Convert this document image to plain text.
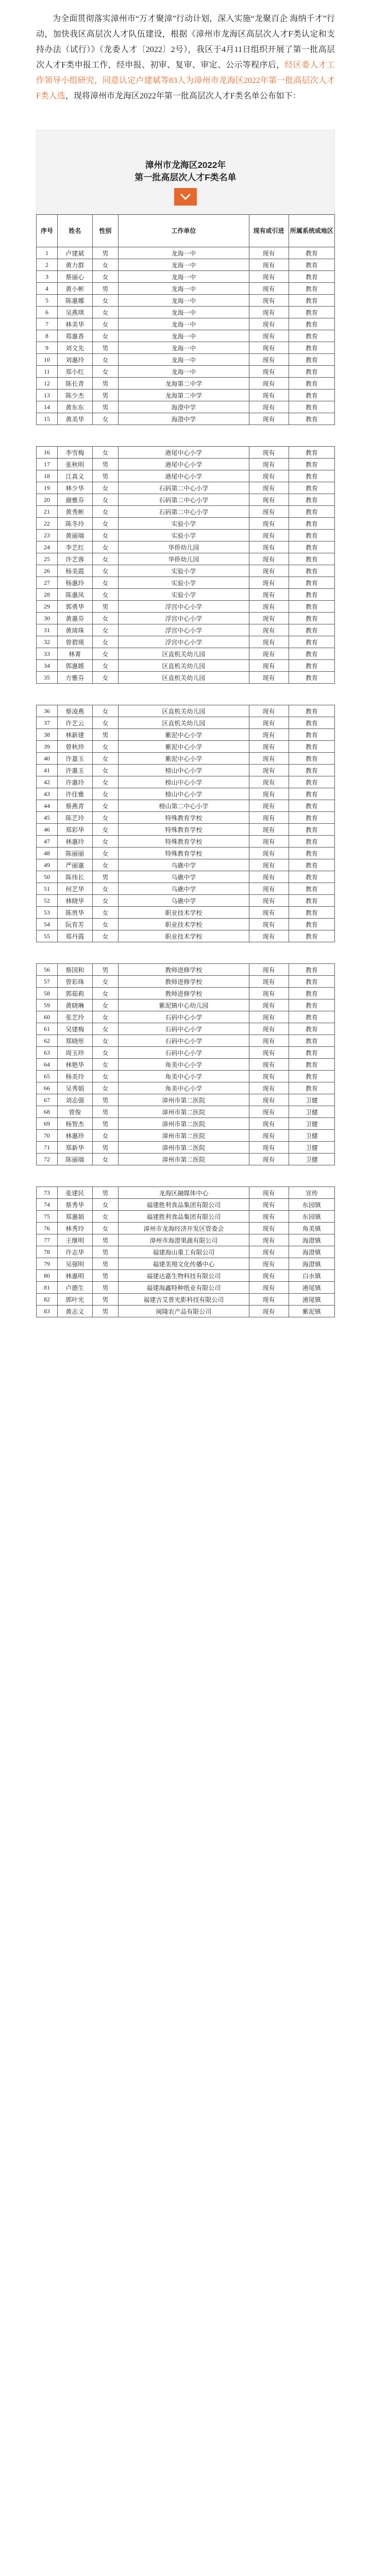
为全面贯彻落实漳州市“万才聚漳”行动计划，深入实施“龙聚百企 海纳千才”行动，加快我区高层次人才队伍建设，根据《漳州市龙海区高层次人才F类认定和支持办法（试行）》（龙委人才〔2022〕2号），我区于4月11日组织开展了第一批高层次人才F类申报工作，经申报、初审、复审、审定、公示等程序后，经区委人才工作领导小组研究，同意认定卢建斌等83人为漳州市龙海区2022年第一批高层次人才F类人选，现将漳州市龙海区2022年第一批高层次人才F类名单公布如下：

漳州市龙海区2022年
第一批高层次人才F类名单
序号	姓名	性别	工作单位	现有或引进	所属系统或地区
1	卢建斌	男	龙海一中	现有	教育
2	黄力群	女	龙海一中	现有	教育
3	蔡丽心	女	龙海一中	现有	教育
4	黄小彬	男	龙海一中	现有	教育
5	陈惠娜	女	龙海一中	现有	教育
6	吴燕琪	女	龙海一中	现有	教育
7	林美华	女	龙海一中	现有	教育
8	郑惠香	女	龙海一中	现有	教育
9	刘文先	男	龙海一中	现有	教育
10	刘惠玲	女	龙海一中	现有	教育
11	郑小红	女	龙海一中	现有	教育
12	陈长青	男	龙海第二中学	现有	教育
13	陈少杰	男	龙海第二中学	现有	教育
14	黄东东	男	海澄中学	现有	教育
15	黄美华	女	海澄中学	现有	教育

16	李雪梅	女	港尾中心小学	现有	教育
17	张秋明	男	港尾中心小学	现有	教育
18	江真义	男	港尾中心小学	现有	教育
19	林少华	女	石码第二中心小学	现有	教育
20	谢雅芬	女	石码第二中心小学	现有	教育
21	黄秀彬	女	石码第二中心小学	现有	教育
22	陈冬玲	女	实验小学	现有	教育
23	黄丽端	女	实验小学	现有	教育
24	李艺红	女	华侨幼儿园	现有	教育
25	许艺蓉	女	华侨幼儿园	现有	教育
26	杨美霞	女	实验小学	现有	教育
27	杨惠玲	女	实验小学	现有	教育
28	陈惠凤	女	实验小学	现有	教育
29	郭勇华	男	浮宫中心小学	现有	教育
30	黄惠芬	女	浮宫中心小学	现有	教育
31	黄琦珠	女	浮宫中心小学	现有	教育
32	曾碧瑛	女	浮宫中心小学	现有	教育
33	林菁	女	区直机关幼儿园	现有	教育
34	郭惠媛	女	区直机关幼儿园	现有	教育
35	方雅芬	女	区直机关幼儿园	现有	教育

36	蔡凌燕	女	区直机关幼儿园	现有	教育
37	许艺云	女	区直机关幼儿园	现有	教育
38	林新建	男	紫泥中心小学	现有	教育
39	曾秋珍	女	紫泥中心小学	现有	教育
40	许嘉玉	女	紫泥中心小学	现有	教育
41	许惠玉	女	榜山中心小学	现有	教育
42	许惠玲	女	榜山中心小学	现有	教育
43	许佳雅	女	榜山中心小学	现有	教育
44	蔡燕青	女	榜山第二中心小学	现有	教育
45	陈艺玲	女	特殊教育学校	现有	教育
46	郑彩华	女	特殊教育学校	现有	教育
47	林惠玲	女	特殊教育学校	现有	教育
48	陈丽丽	女	特殊教育学校	现有	教育
49	严丽惠	女	乌礁中学	现有	教育
50	陈伟长	男	乌礁中学	现有	教育
51	何艺华	女	乌礁中学	现有	教育
52	林晓华	女	乌礁中学	现有	教育
53	陈贵华	女	职业技术学校	现有	教育
54	阮育芳	女	职业技术学校	现有	教育
55	郑丹霞	女	职业技术学校	现有	教育

56	蔡国和	男	教师进修学校	现有	教育
57	曾彩珠	女	教师进修学校	现有	教育
58	郭茹莉	女	教师进修学校	现有	教育
59	黄晓琳	女	紫泥镇中心幼儿园	现有	教育
60	张艺玲	女	石码中心小学	现有	教育
61	吴建梅	女	石码中心小学	现有	教育
62	郑晓彤	女	石码中心小学	现有	教育
63	周玉珍	女	石码中心小学	现有	教育
64	林艳华	女	角美中心小学	现有	教育
65	杨美玲	女	角美中心小学	现有	教育
66	吴秀娟	女	角美中心小学	现有	教育
67	刘志强	男	漳州市第二医院	现有	卫健
68	曾俊	男	漳州市第二医院	现有	卫健
69	杨智杰	男	漳州市第二医院	现有	卫健
70	林惠珍	女	漳州市第二医院	现有	卫健
71	郑新华	男	漳州市第二医院	现有	卫健
72	陈丽端	女	漳州市第二医院	现有	卫健

73	张建民	男	龙海区融媒体中心	现有	宣传
74	蔡秀华	女	福建胜利食品集团有限公司	现有	东园镇
75	郑惠娟	女	福建胜利食品集团有限公司	现有	东园镇
76	林秀玲	女	漳州市龙海经济开发区管委会	现有	角美镇
77	王继明	男	漳州市海澄果蔬有限公司	现有	海澄镇
78	许志华	男	福建海山重工有限公司	现有	海澄镇
79	吴强明	男	福建美翔文化传播中心	现有	海澄镇
80	林惠明	男	福建达嘉生物科技有限公司	现有	白水镇
81	卢德生	男	福建海鑫特种纸业有限公司	现有	港尾镇
82	郭叶光	男	福建吉艾普光影科技有限公司	现有	港尾镇
83	黄志义	男	闽隆农产品有限公司	现有	紫泥镇
